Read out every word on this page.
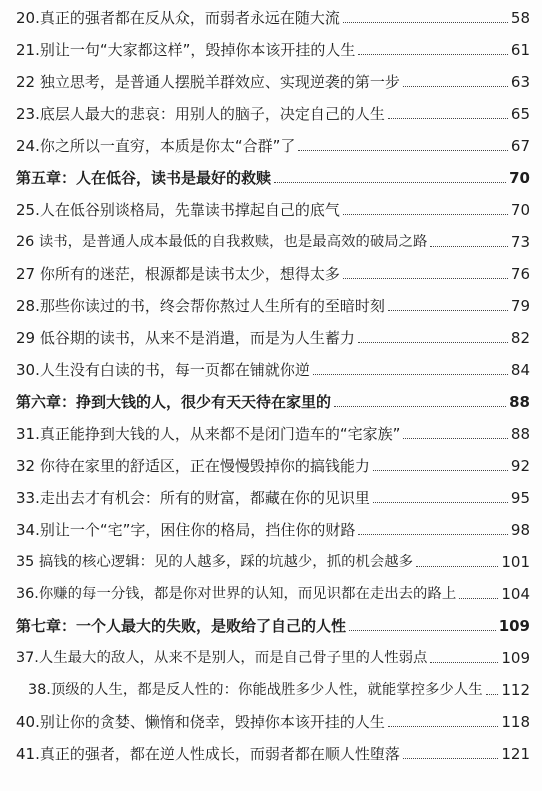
20.真正的强者都在反从众，而弱者永远在随大流	58
21.别让一句“大家都这样”，毁掉你本该开挂的人生	61
22 独立思考，是普通人摆脱羊群效应、实现逆袭的第一步	63
23.底层人最大的悲哀：用别人的脑子，决定自己的人生	65
24.你之所以一直穷，本质是你太“合群”了	67
第五章：人在低谷，读书是最好的救赎	70
25.人在低谷别谈格局，先靠读书撑起自己的底气	70
26 读书，是普通人成本最低的自我救赎，也是最高效的破局之路	73
27 你所有的迷茫，根源都是读书太少，想得太多	76
28.那些你读过的书，终会帮你熬过人生所有的至暗时刻	79
29 低谷期的读书，从来不是消遣，而是为人生蓄力	82
30.人生没有白读的书，每一页都在铺就你逆	84
第六章：挣到大钱的人，很少有天天待在家里的	88
31.真正能挣到大钱的人，从来都不是闭门造车的“宅家族”	88
32 你待在家里的舒适区，正在慢慢毁掉你的搞钱能力	92
33.走出去才有机会：所有的财富，都藏在你的见识里	95
34.别让一个“宅”字，困住你的格局，挡住你的财路	98
35 搞钱的核心逻辑：见的人越多，踩的坑越少，抓的机会越多	101
36.你赚的每一分钱，都是你对世界的认知，而见识都在走出去的路上	104
第七章：一个人最大的失败，是败给了自己的人性	109
37.人生最大的敌人，从来不是别人，而是自己骨子里的人性弱点	109
38.顶级的人生，都是反人性的：你能战胜多少人性，就能掌控多少人生 112
40.别让你的贪婪、懒惰和侥幸，毁掉你本该开挂的人生	118
41.真正的强者，都在逆人性成长，而弱者都在顺人性堕落	121
